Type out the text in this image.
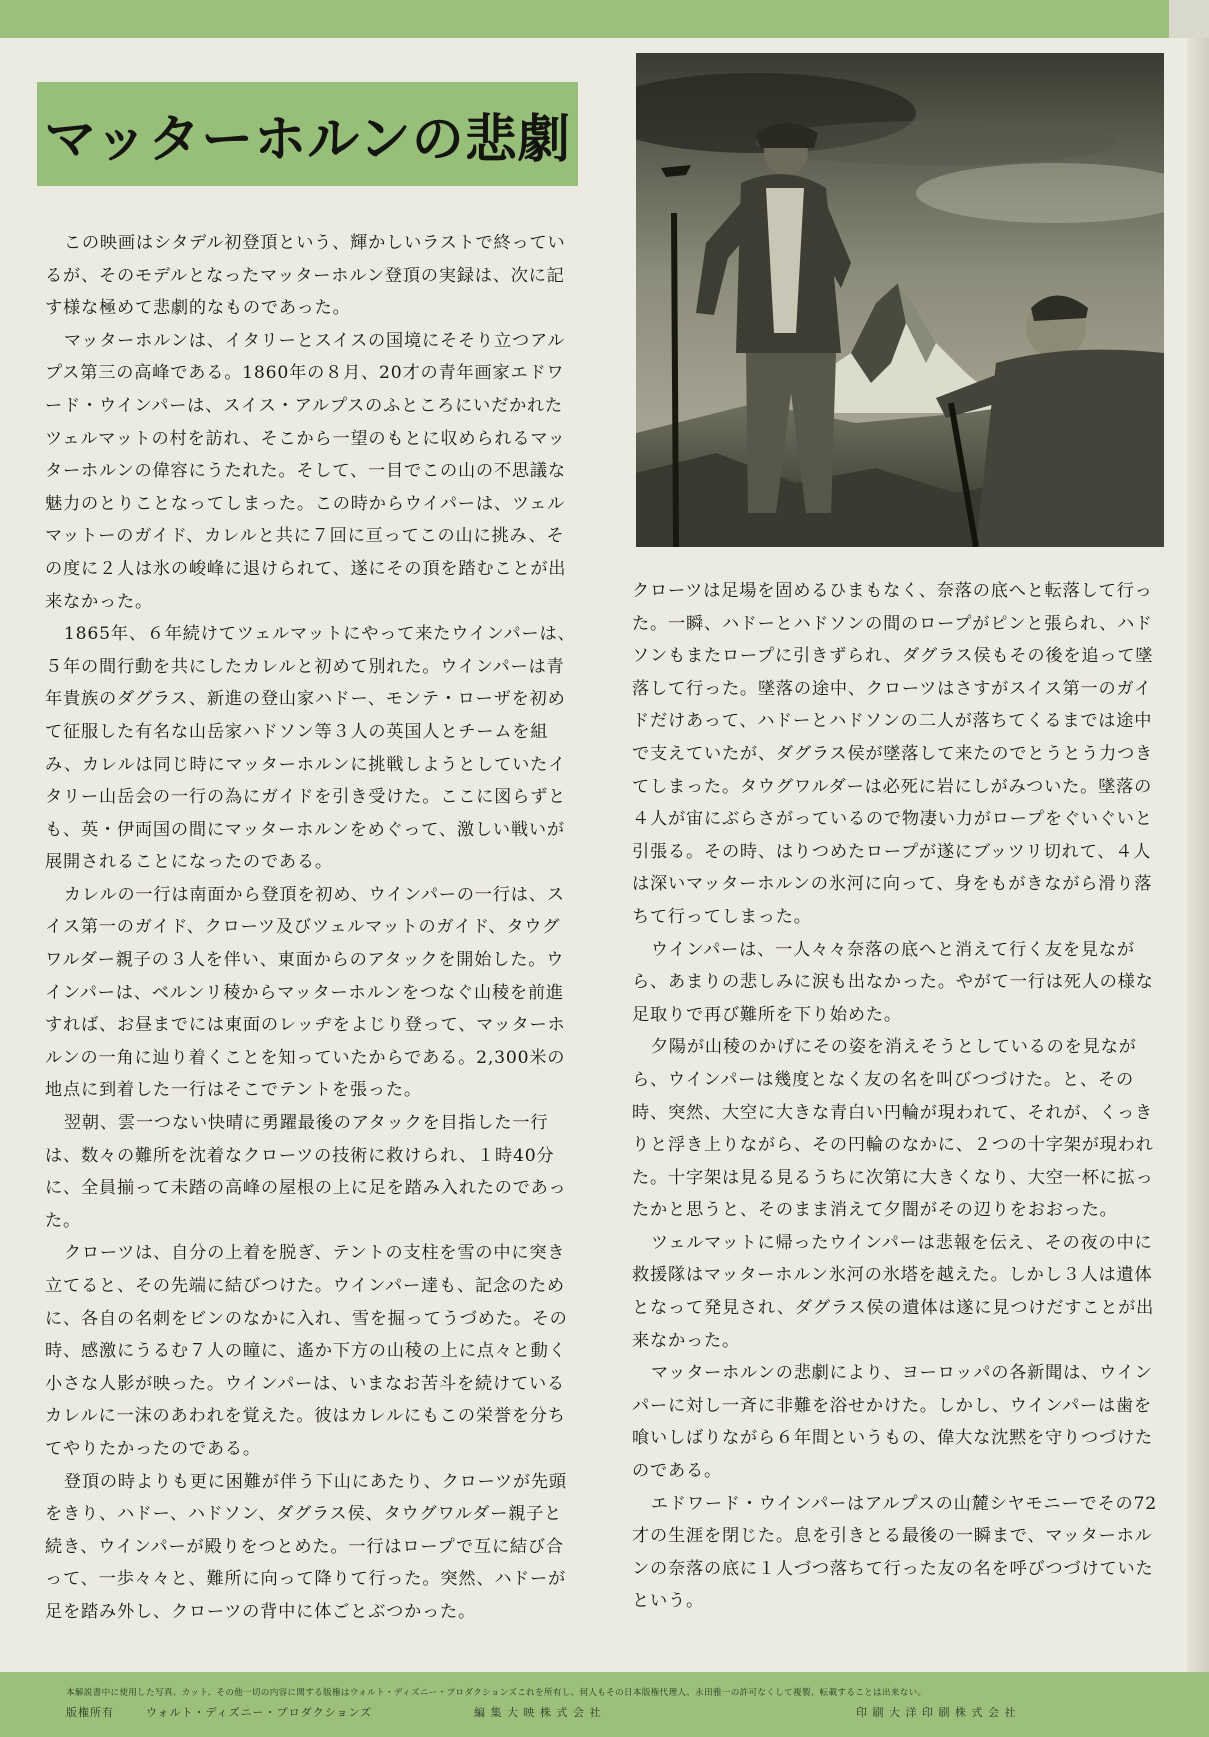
マッターホルンの悲劇

この映画はシタデル初登頂という、輝かしいラストで終っているが、そのモデルとなったマッターホルン登頂の実録は、次に記す様な極めて悲劇的なものであった。

マッターホルンは、イタリーとスイスの国境にそそり立つアルプス第三の高峰である。1860年の８月、20才の青年画家エドワード・ウインパーは、スイス・アルプスのふところにいだかれたツェルマットの村を訪れ、そこから一望のもとに収められるマッターホルンの偉容にうたれた。そして、一目でこの山の不思議な魅力のとりことなってしまった。この時からウイパーは、ツェルマットーのガイド、カレルと共に７回に亘ってこの山に挑み、その度に２人は氷の峻峰に退けられて、遂にその頂を踏むことが出来なかった。

1865年、６年続けてツェルマットにやって来たウインパーは、５年の間行動を共にしたカレルと初めて別れた。ウインパーは青年貴族のダグラス、新進の登山家ハドー、モンテ・ローザを初めて征服した有名な山岳家ハドソン等３人の英国人とチームを組み、カレルは同じ時にマッターホルンに挑戦しようとしていたイタリー山岳会の一行の為にガイドを引き受けた。ここに図らずとも、英・伊両国の間にマッターホルンをめぐって、激しい戦いが展開されることになったのである。

カレルの一行は南面から登頂を初め、ウインパーの一行は、スイス第一のガイド、クローツ及びツェルマットのガイド、タウグワルダー親子の３人を伴い、東面からのアタックを開始した。ウインパーは、ベルンリ稜からマッターホルンをつなぐ山稜を前進すれば、お昼までには東面のレッヂをよじり登って、マッターホルンの一角に辿り着くことを知っていたからである。2,300米の地点に到着した一行はそこでテントを張った。

翌朝、雲一つない快晴に勇躍最後のアタックを目指した一行は、数々の難所を沈着なクローツの技術に救けられ、１時40分に、全員揃って未踏の高峰の屋根の上に足を踏み入れたのであった。

クローツは、自分の上着を脱ぎ、テントの支柱を雪の中に突き立てると、その先端に結びつけた。ウインパー達も、記念のために、各自の名刺をビンのなかに入れ、雪を掘ってうづめた。その時、感激にうるむ７人の瞳に、遙か下方の山稜の上に点々と動く小さな人影が映った。ウインパーは、いまなお苦斗を続けているカレルに一沫のあわれを覚えた。彼はカレルにもこの栄誉を分ちてやりたかったのである。

登頂の時よりも更に困難が伴う下山にあたり、クローツが先頭をきり、ハドー、ハドソン、ダグラス侯、タウグワルダー親子と続き、ウインパーが殿りをつとめた。一行はロープで互に結び合って、一歩々々と、難所に向って降りて行った。突然、ハドーが足を踏み外し、クローツの背中に体ごとぶつかった。

クローツは足場を固めるひまもなく、奈落の底へと転落して行った。一瞬、ハドーとハドソンの間のロープがピンと張られ、ハドソンもまたロープに引きずられ、ダグラス侯もその後を追って墜落して行った。墜落の途中、クローツはさすがスイス第一のガイドだけあって、ハドーとハドソンの二人が落ちてくるまでは途中で支えていたが、ダグラス侯が墜落して来たのでとうとう力つきてしまった。タウグワルダーは必死に岩にしがみついた。墜落の４人が宙にぶらさがっているので物凄い力がロープをぐいぐいと引張る。その時、はりつめたロープが遂にブッツリ切れて、４人は深いマッターホルンの氷河に向って、身をもがきながら滑り落ちて行ってしまった。

ウインパーは、一人々々奈落の底へと消えて行く友を見ながら、あまりの悲しみに涙も出なかった。やがて一行は死人の様な足取りで再び難所を下り始めた。

夕陽が山稜のかげにその姿を消えそうとしているのを見ながら、ウインパーは幾度となく友の名を叫びつづけた。と、その時、突然、大空に大きな青白い円輪が現われて、それが、くっきりと浮き上りながら、その円輪のなかに、２つの十字架が現われた。十字架は見る見るうちに次第に大きくなり、大空一杯に拡ったかと思うと、そのまま消えて夕闇がその辺りをおおった。

ツェルマットに帰ったウインパーは悲報を伝え、その夜の中に救援隊はマッターホルン氷河の氷塔を越えた。しかし３人は遺体となって発見され、ダグラス侯の遺体は遂に見つけだすことが出来なかった。

マッターホルンの悲劇により、ヨーロッパの各新聞は、ウインパーに対し一斉に非難を浴せかけた。しかし、ウインパーは歯を喰いしばりながら６年間というもの、偉大な沈黙を守りつづけたのである。

エドワード・ウインパーはアルプスの山麓シヤモニーでその72才の生涯を閉じた。息を引きとる最後の一瞬まで、マッターホルンの奈落の底に１人づつ落ちて行った友の名を呼びつづけていたという。

本解説書中に使用した写真、カット、その他一切の内容に関する版権はウォルト・ディズニー・プロダクションズこれを所有し、何人もその日本版権代理人、永田雅一の許可なくして複製、転載することは出来ない。
版権所有	ウォルト・ディズニー・プロダクションズ	編 集 大 映 株 式 会 社	印 刷 大 洋 印 刷 株 式 会 社
